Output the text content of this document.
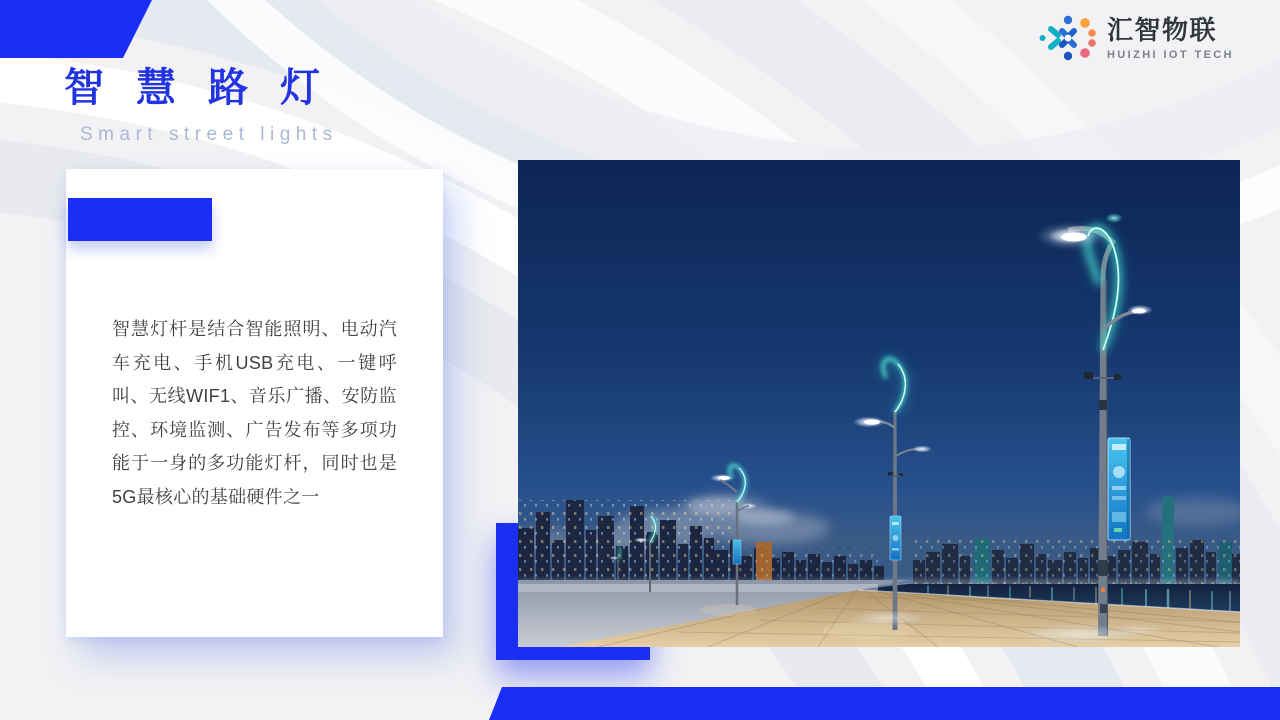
汇智物联
HUIZHI IOT TECH
智慧路灯
Smart street lights

智慧灯杆是结合智能照明、电动汽车充电、手机USB充电、一键呼叫、无线WIF1、音乐广播、安防监控、环境监测、广告发布等多项功能于一身的多功能灯杆，同时也是5G最核心的基础硬件之一
